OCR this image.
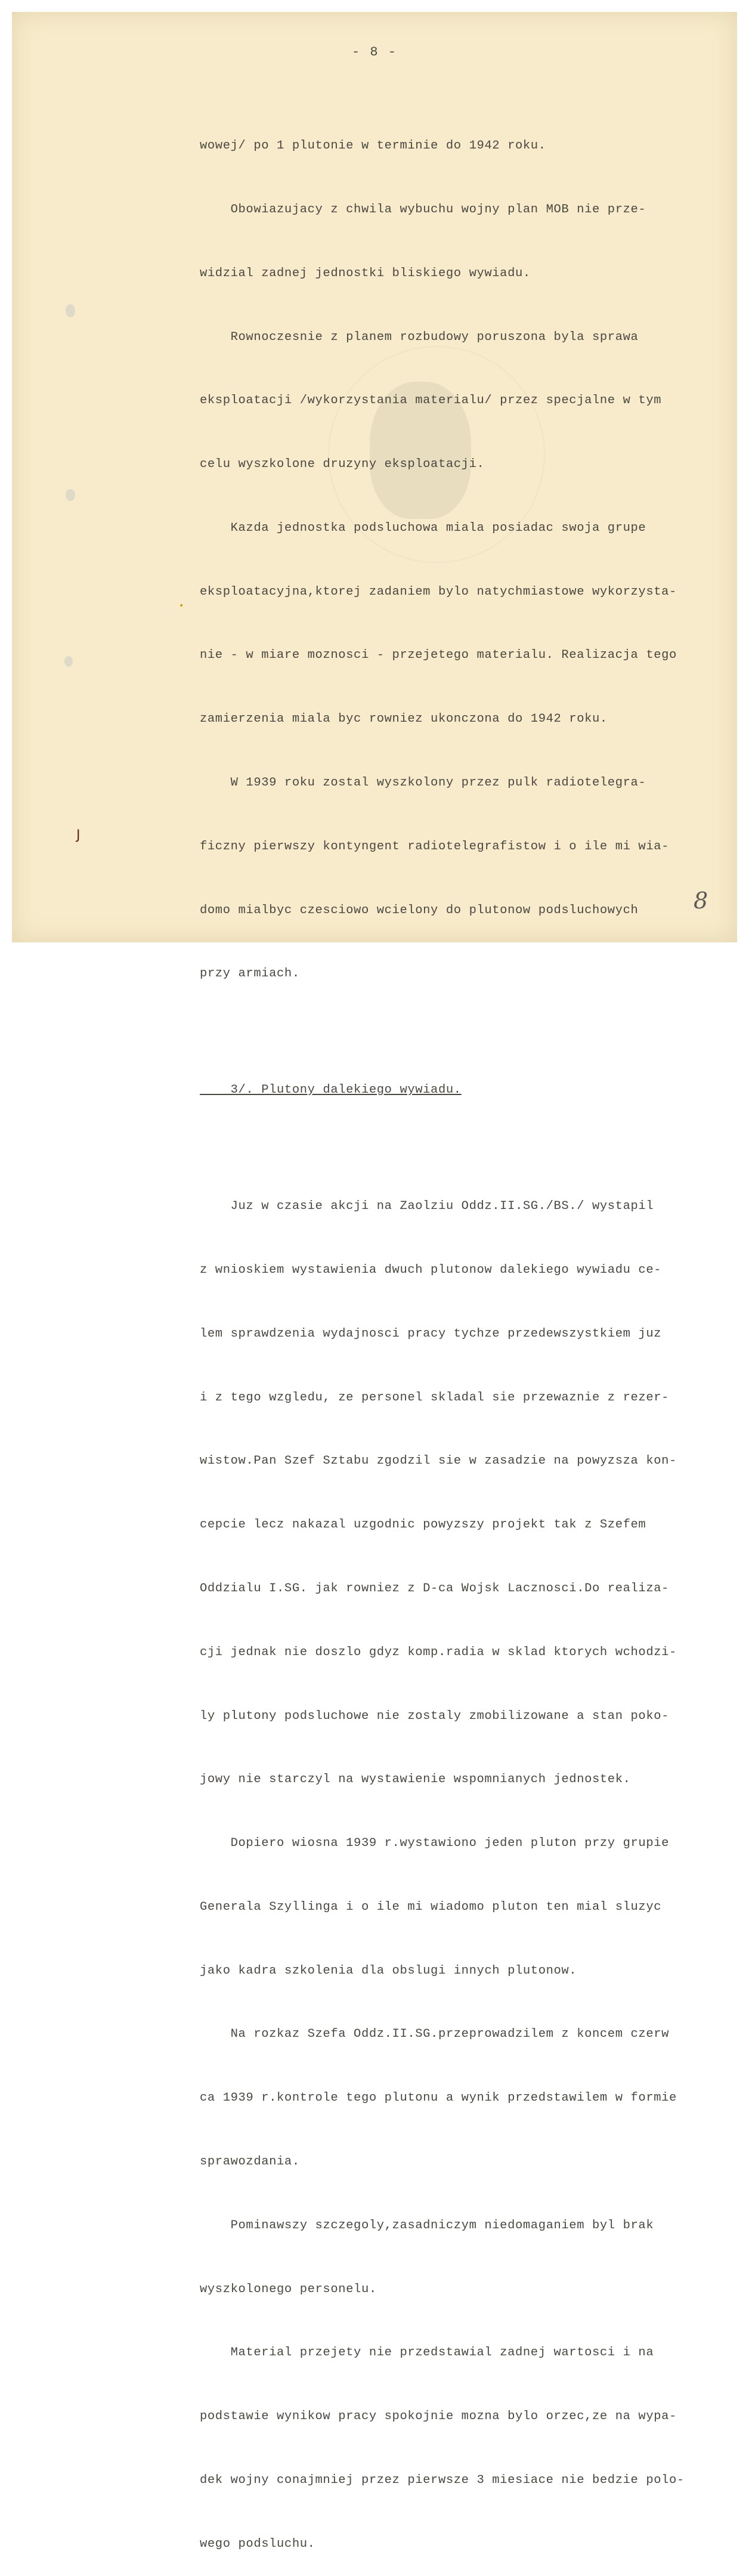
- 8 -

wowej/ po 1 plutonie w terminie do 1942 roku.

Obowiazujacy z chwila wybuchu wojny plan MOB nie prze-

widzial zadnej jednostki bliskiego wywiadu.

Rownoczesnie z planem rozbudowy poruszona byla sprawa

eksploatacji /wykorzystania materialu/ przez specjalne w tym

celu wyszkolone druzyny eksploatacji.

Kazda jednostka podsluchowa miala posiadac swoja grupe

eksploatacyjna,ktorej zadaniem bylo natychmiastowe wykorzysta-

nie - w miare moznosci - przejetego materialu. Realizacja tego

zamierzenia miala byc rowniez ukonczona do 1942 roku.

W 1939 roku zostal wyszkolony przez pulk radiotelegra-

ficzny pierwszy kontyngent radiotelegrafistow i o ile mi wia-

domo mialbyc czesciowo wcielony do plutonow podsluchowych

przy armiach.

3/. Plutony dalekiego wywiadu.

Juz w czasie akcji na Zaolziu Oddz.II.SG./BS./ wystapil

z wnioskiem wystawienia dwuch plutonow dalekiego wywiadu ce-

lem sprawdzenia wydajnosci pracy tychze przedewszystkiem juz

i z tego wzgledu, ze personel skladal sie przewaznie z rezer-

wistow.Pan Szef Sztabu zgodzil sie w zasadzie na powyzsza kon-

cepcie lecz nakazal uzgodnic powyzszy projekt tak z Szefem

Oddzialu I.SG. jak rowniez z D-ca Wojsk Lacznosci.Do realiza-

cji jednak nie doszlo gdyz komp.radia w sklad ktorych wchodzi-

ly plutony podsluchowe nie zostaly zmobilizowane a stan poko-

jowy nie starczyl na wystawienie wspomnianych jednostek.

Dopiero wiosna 1939 r.wystawiono jeden pluton przy grupie

Generala Szyllinga i o ile mi wiadomo pluton ten mial sluzyc

jako kadra szkolenia dla obslugi innych plutonow.

Na rozkaz Szefa Oddz.II.SG.przeprowadzilem z koncem czerw

ca 1939 r.kontrole tego plutonu a wynik przedstawilem w formie

sprawozdania.

Pominawszy szczegoly,zasadniczym niedomaganiem byl brak

wyszkolonego personelu.

Material przejety nie przedstawial zadnej wartosci i na

podstawie wynikow pracy spokojnie mozna bylo orzec,ze na wypa-

dek wojny conajmniej przez pierwsze 3 miesiace nie bedzie polo-

wego podsluchu.

J
•
8
